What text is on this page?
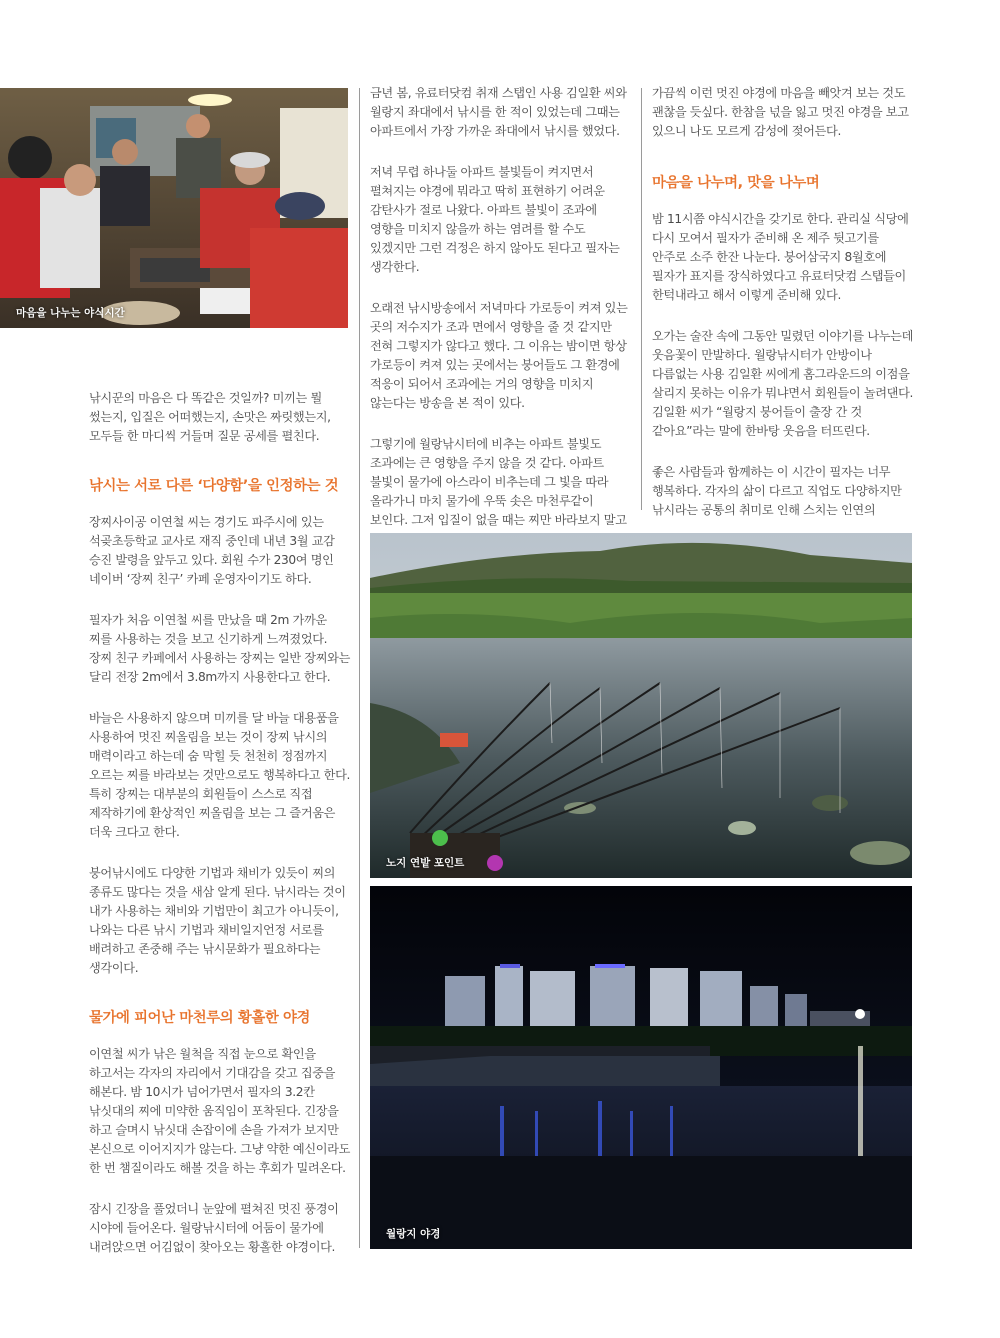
마음을 나누는 야식시간

낚시꾼의 마음은 다 똑같은 것일까? 미끼는 뭘
썼는지, 입질은 어떠했는지, 손맛은 짜릿했는지,
모두들 한 마디씩 거들며 질문 공세를 펼친다.

낚시는 서로 다른 ‘다양함’을 인정하는 것

장찌사이공 이연철 씨는 경기도 파주시에 있는
석곶초등학교 교사로 재직 중인데 내년 3월 교감
승진 발령을 앞두고 있다. 회원 수가 230여 명인
네이버 ‘장찌 친구’ 카페 운영자이기도 하다.

필자가 처음 이연철 씨를 만났을 때 2m 가까운
찌를 사용하는 것을 보고 신기하게 느껴졌었다.
장찌 친구 카페에서 사용하는 장찌는 일반 장찌와는
달리 전장 2m에서 3.8m까지 사용한다고 한다.

바늘은 사용하지 않으며 미끼를 달 바늘 대용품을
사용하여 멋진 찌올림을 보는 것이 장찌 낚시의
매력이라고 하는데 숨 막힐 듯 천천히 정점까지
오르는 찌를 바라보는 것만으로도 행복하다고 한다.
특히 장찌는 대부분의 회원들이 스스로 직접
제작하기에 환상적인 찌올림을 보는 그 즐거움은
더욱 크다고 한다.

붕어낚시에도 다양한 기법과 채비가 있듯이 찌의
종류도 많다는 것을 새삼 알게 된다. 낚시라는 것이
내가 사용하는 채비와 기법만이 최고가 아니듯이,
나와는 다른 낚시 기법과 채비일지언정 서로를
배려하고 존중해 주는 낚시문화가 필요하다는
생각이다.

물가에 피어난 마천루의 황홀한 야경

이연철 씨가 낚은 월척을 직접 눈으로 확인을
하고서는 각자의 자리에서 기대감을 갖고 집중을
해본다. 밤 10시가 넘어가면서 필자의 3.2칸
낚싯대의 찌에 미약한 움직임이 포착된다. 긴장을
하고 슬며시 낚싯대 손잡이에 손을 가져가 보지만
본신으로 이어지지가 않는다. 그냥 약한 예신이라도
한 번 챔질이라도 해볼 것을 하는 후회가 밀려온다.

잠시 긴장을 풀었더니 눈앞에 펼쳐진 멋진 풍경이
시야에 들어온다. 월랑낚시터에 어둠이 물가에
내려앉으면 어김없이 찾아오는 황홀한 야경이다.

금년 봄, 유료터닷컴 취재 스탭인 사용 김일환 씨와
월랑지 좌대에서 낚시를 한 적이 있었는데 그때는
아파트에서 가장 가까운 좌대에서 낚시를 했었다.

저녁 무렵 하나둘 아파트 불빛들이 켜지면서
펼쳐지는 야경에 뭐라고 딱히 표현하기 어려운
감탄사가 절로 나왔다. 아파트 불빛이 조과에
영향을 미치지 않을까 하는 염려를 할 수도
있겠지만 그런 걱정은 하지 않아도 된다고 필자는
생각한다.

오래전 낚시방송에서 저녁마다 가로등이 켜져 있는
곳의 저수지가 조과 면에서 영향을 줄 것 같지만
전혀 그렇지가 않다고 했다. 그 이유는 밤이면 항상
가로등이 켜져 있는 곳에서는 붕어들도 그 환경에
적응이 되어서 조과에는 거의 영향을 미치지
않는다는 방송을 본 적이 있다.

그렇기에 월랑낚시터에 비추는 아파트 불빛도
조과에는 큰 영향을 주지 않을 것 같다. 아파트
불빛이 물가에 아스라이 비추는데 그 빛을 따라
올라가니 마치 물가에 우뚝 솟은 마천루같이
보인다. 그저 입질이 없을 때는 찌만 바라보지 말고

가끔씩 이런 멋진 야경에 마음을 빼앗겨 보는 것도
괜찮을 듯싶다. 한참을 넋을 잃고 멋진 야경을 보고
있으니 나도 모르게 감성에 젖어든다.

마음을 나누며, 맛을 나누며

밤 11시쯤 야식시간을 갖기로 한다. 관리실 식당에
다시 모여서 필자가 준비해 온 제주 뒷고기를
안주로 소주 한잔 나눈다. 붕어삼국지 8월호에
필자가 표지를 장식하였다고 유료터닷컴 스탭들이
한턱내라고 해서 이렇게 준비해 있다.

오가는 술잔 속에 그동안 밀렸던 이야기를 나누는데
웃음꽃이 만발하다. 월랑낚시터가 안방이나
다름없는 사용 김일환 씨에게 홈그라운드의 이점을
살리지 못하는 이유가 뭐냐면서 회원들이 놀려댄다.
김일환 씨가 “월랑지 붕어들이 출장 간 것
같아요”라는 말에 한바탕 웃음을 터뜨린다.

좋은 사람들과 함께하는 이 시간이 필자는 너무
행복하다. 각자의 삶이 다르고 직업도 다양하지만
낚시라는 공통의 취미로 인해 스치는 인연의

노지 연밭 포인트
월랑지 야경
